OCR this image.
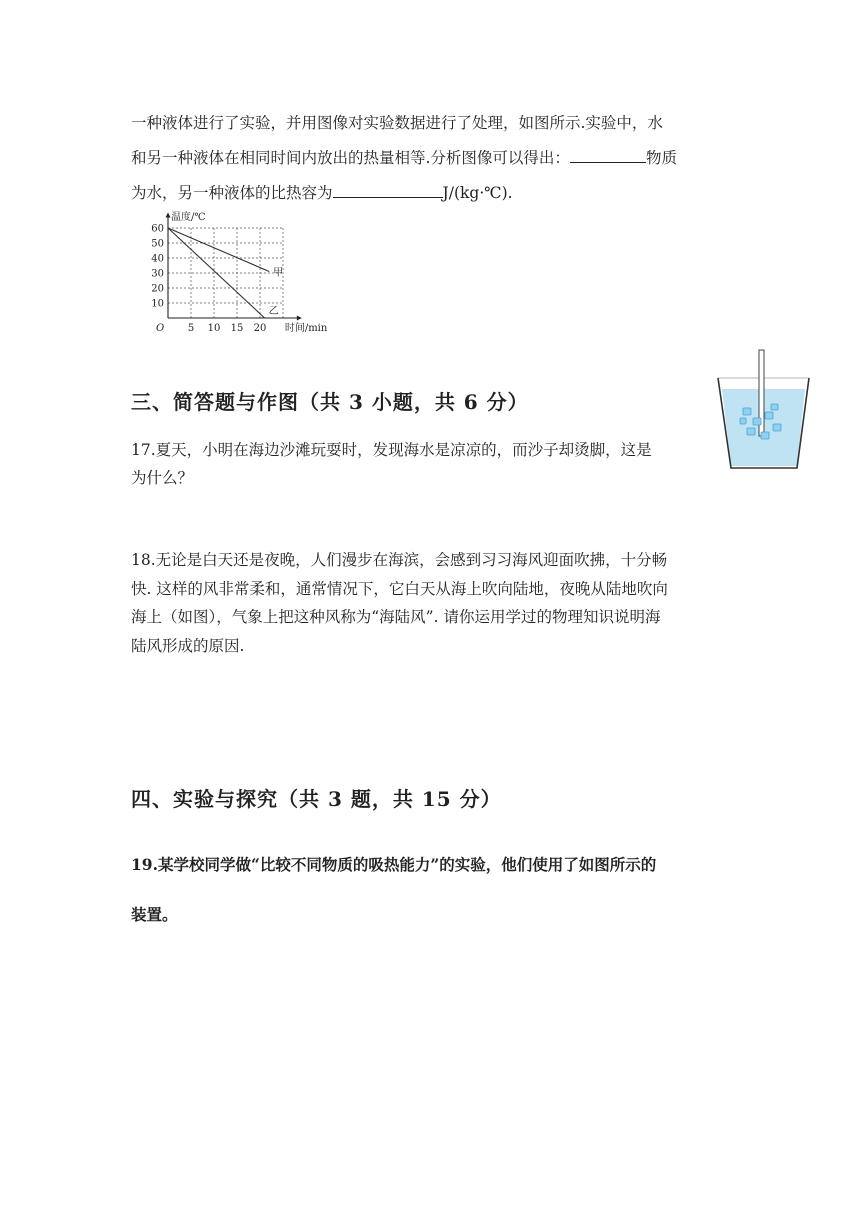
一种液体进行了实验，并用图像对实验数据进行了处理，如图所示.实验中，水
和另一种液体在相同时间内放出的热量相等.分析图像可以得出：	物质
为水，另一种液体的比热容为	J/(kg·℃).
甲
乙
10
20
30
40
50
60
O 5 10 15 20 时间/min
温度/℃
三、简答题与作图（共 3 小题，共 6 分）
17.夏天，小明在海边沙滩玩耍时，发现海水是凉凉的，而沙子却烫脚，这是
为什么？
18.无论是白天还是夜晚，人们漫步在海滨，会感到习习海风迎面吹拂，十分畅
快. 这样的风非常柔和，通常情况下，它白天从海上吹向陆地，夜晚从陆地吹向
海上（如图），气象上把这种风称为“海陆风”. 请你运用学过的物理知识说明海
陆风形成的原因.
四、实验与探究（共 3 题，共 15 分）
19.某学校同学做“比较不同物质的吸热能力”的实验，他们使用了如图所示的
装置。
